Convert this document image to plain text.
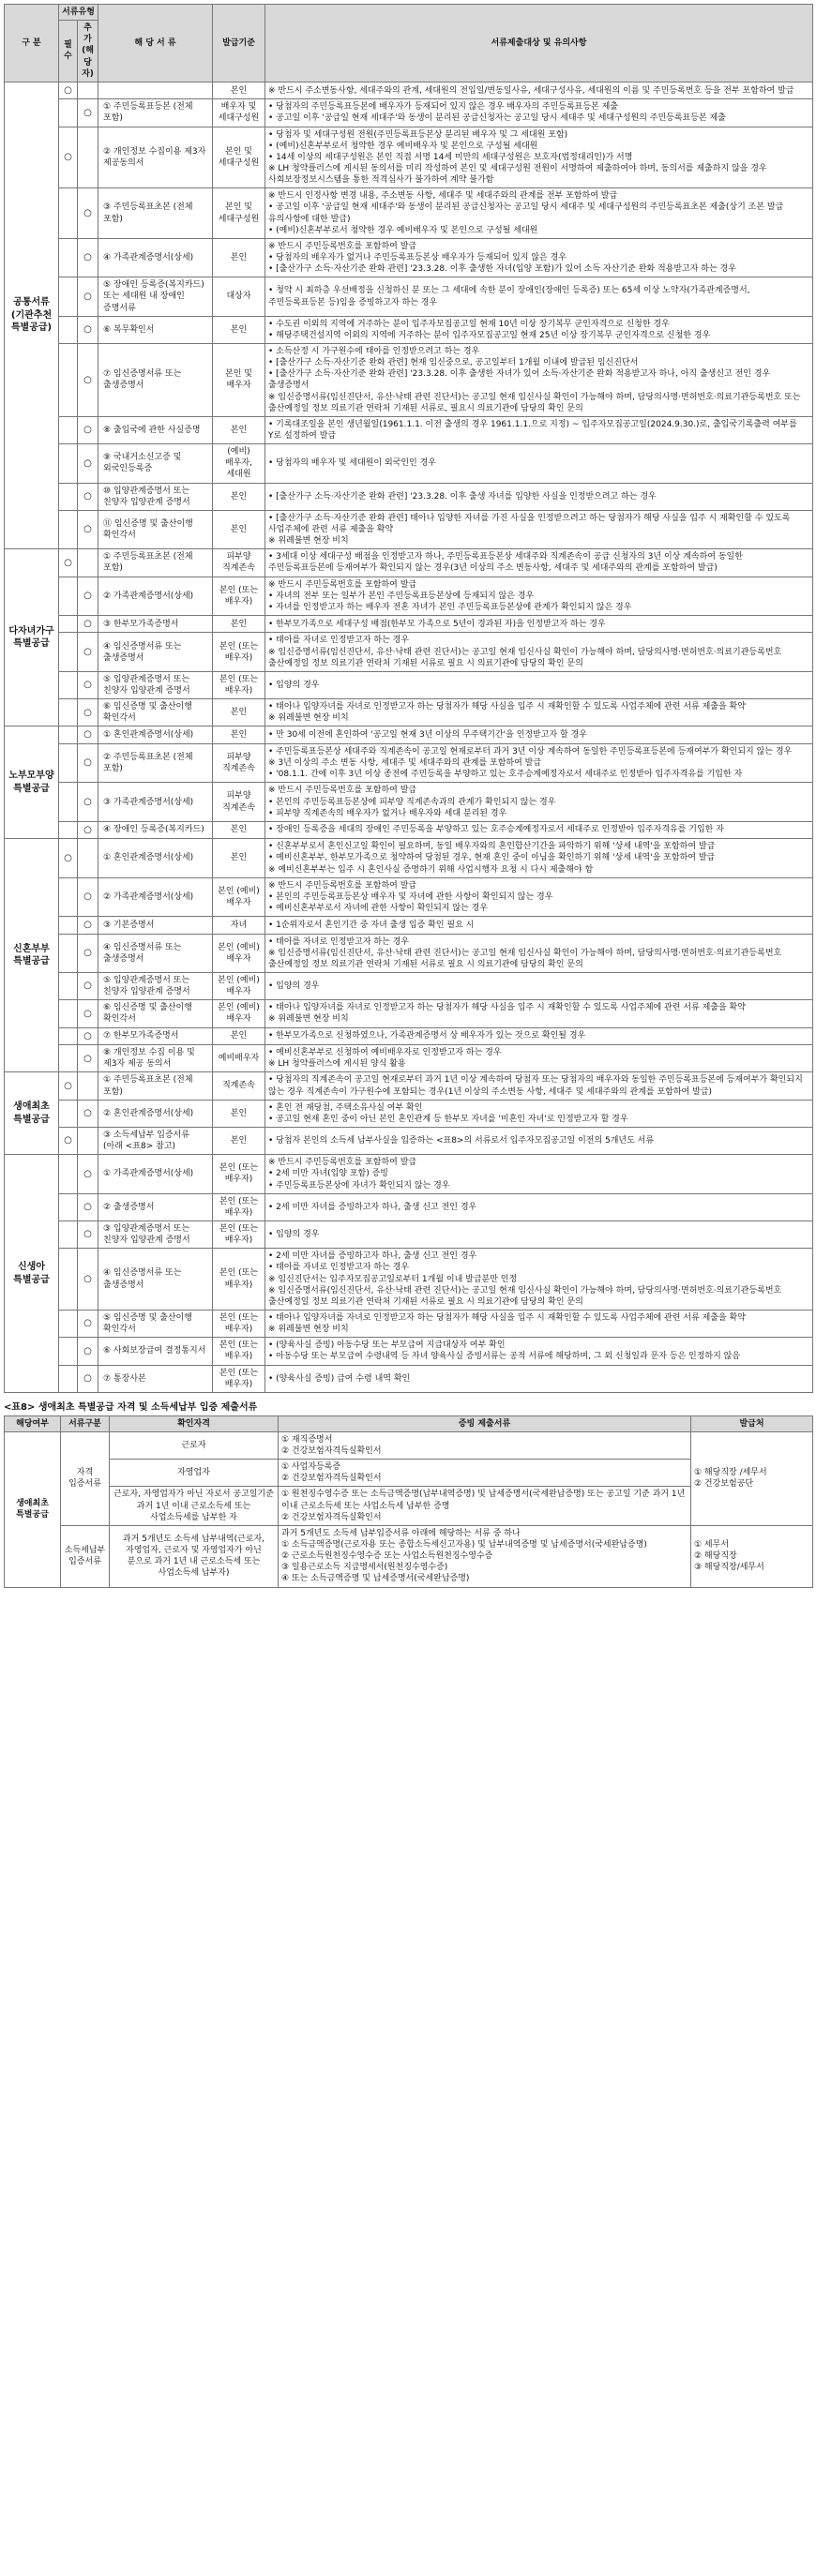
구 분	서류유형		해 당 서 류	발급기준	서류제출대상 및 유의사항
	필수	추가 (해당자)			
공통서류 (기관추천 특별공급)	○			본인	※ 반드시 주소변동사항, 세대주와의 관계, 세대원의 전입일/변동일사유, 세대구성사유, 세대원의 이름 및 주민등록번호 등을 전부 포함하여 발급

		○	① 주민등록표등본 (전체 포함)	배우자 및 세대구성원	• 당첨자의 주민등록표등본에 배우자가 등재되어 있지 않은 경우 배우자의 주민등록표등본 제출
• 공고일 이후 '공급일 현재 세대주'와 동생이 분리된 공급신청자는 공고일 당시 세대주 및 세대구성원의 주민등록표등본 제출

	○		② 개인정보 수집이용 제3자 제공동의서	본인 및 세대구성원	• 당첨자 및 세대구성원 전원(주민등록표등본상 분리된 배우자 및 그 세대원 포함)
• (예비)신혼부부로서 청약한 경우 예비배우자 및 본인으로 구성될 세대원
• 14세 이상의 세대구성원은 본인 직접 서명 14세 미만의 세대구성원은 보호자(법정대리인)가 서명
※ LH 청약플러스에 게시된 동의서를 미리 작성하여 본인 및 세대구성원 전원이 서명하여 제출하여야 하며, 동의서를 제출하지 않을 경우 사회보장정보시스템을 통한 적격심사가 불가하여 계약 불가함

		○	③ 주민등록표초본 (전체 포함)	본인 및 세대구성원	※ 반드시 인정사항 변경 내용, 주소변동 사항, 세대주 및 세대주와의 관계를 전부 포함하여 발급
• 공고일 이후 '공급일 현재 세대주'와 동생이 분리된 공급신청자는 공고일 당시 세대주 및 세대구성원의 주민등록표초본 제출(상기 조본 발급 유의사항에 대한 발급)
• (예비)신혼부부로서 청약한 경우 예비배우자 및 본인으로 구성될 세대원

		○	④ 가족관계증명서(상세)	본인	※ 반드시 주민등록번호를 포함하여 발급
• 당첨자의 배우자가 없거나 주민등록표등본상 배우자가 등재되어 있지 않은 경우
• [출산가구 소득·자산기준 완화 관련] '23.3.28. 이후 출생한 자녀(입양 포함)가 있어 소득 자산기준 완화 적용받고자 하는 경우

		○	⑤ 장애인 등록증(복지카드) 또는 세대원 내 장애인 증명서류	대상자	• 청약 시 최하층 우선배정을 신청하신 분 또는 그 세대에 속한 분이 장애인(장애인 등록증) 또는 65세 이상 노약자(가족관계증명서, 주민등록표등본 등)임을 증빙하고자 하는 경우

		○	⑥ 복무확인서	본인	• 수도권 이외의 지역에 거주하는 분이 입주자모집공고일 현재 10년 이상 장기복무 군인자격으로 신청한 경우
• 해당주택건설지역 이외의 지역에 거주하는 분이 입주자모집공고일 현재 25년 이상 장기복무 군인자격으로 신청한 경우

		○	⑦ 임신증명서류 또는 출생증명서	본인 및 배우자	• 소득산정 시 가구원수에 태아를 인정받으려고 하는 경우
• [출산가구 소득·자산기준 완화 관련] 현재 임신중으로, 공고일부터 1개월 이내에 발급된 임신진단서
• [출산가구 소득·자산기준 완화 관련] '23.3.28. 이후 출생한 자녀가 있어 소득·자산기준 완화 적용받고자 하나, 아직 출생신고 전인 경우 출생증명서
※ 임신증명서류(임신진단서, 유산·낙태 관련 진단서)는 공고일 현재 임신사실 확인이 가능해야 하며, 담당의사명·면허번호·의료기관등록번호 또는 출산예정일 정보 의료기관 연락처 기재된 서류로, 필요시 의료기관에 담당의 확인 문의

		○	⑧ 출입국에 관한 사실증명	본인	• 기록대조일을 본인 생년월일(1961.1.1. 이전 출생의 경우 1961.1.1.으로 지정) ~ 입주자모집공고일(2024.9.30.)로, 출입국기록출력 여부를 Y로 설정하여 발급

		○	⑨ 국내거소신고증 및 외국인등록증	(예비)배우자, 세대원	• 당첨자의 배우자 및 세대원이 외국인인 경우

		○	⑩ 입양관계증명서 또는 친양자 입양관계 증명서	본인	• [출산가구 소득·자산기준 완화 관련] '23.3.28. 이후 출생 자녀를 입양한 사실을 인정받으려고 하는 경우

		○	⑪ 임신증명 및 출산이행 확인각서	본인	• [출산가구 소득·자산기준 완화 관련] 태아나 입양한 자녀를 가진 사실을 인정받으려고 하는 당첨자가 해당 사실을 입주 시 재확인할 수 있도록 사업주체에 관련 서류 제출을 확약
※ 위례불변 현장 비치

다자녀가구 특별공급	○		① 주민등록표초본 (전체 포함)	피부양 직계존속	• 3세대 이상 세대구성 배점을 인정받고자 하나, 주민등록표등본상 세대주와 직계존속이 공급 신청자의 3년 이상 계속하여 동일한 주민등록표등본에 등재여부가 확인되지 않는 경우(3년 이상의 주소 변동사항, 세대주 및 세대주와의 관계를 포함하여 발급)

		○	② 가족관계증명서(상세)	본인 (또는 배우자)	※ 반드시 주민등록번호를 포함하여 발급
• 자녀의 전부 또는 일부가 본인 주민등록표등본상에 등재되지 않은 경우
• 자녀를 인정받고자 하는 배우자 전혼 자녀가 본인 주민등록표등본상에 관계가 확인되지 않은 경우

		○	③ 한부모가족증명서	본인	• 한부모가족으로 세대구성 배점(한부모 가족으로 5년이 경과된 자)을 인정받고자 하는 경우

		○	④ 임신증명서류 또는 출생증명서	본인 (또는 배우자)	• 태아를 자녀로 인정받고자 하는 경우
※ 임신증명서류(임신진단서, 유산·낙태 관련 진단서)는 공고일 현재 임신사실 확인이 가능해야 하며, 담당의사명·면허번호·의료기관등록번호 출산예정일 정보 의료기관 연락처 기재된 서류로 필요 시 의료기관에 담당의 확인 문의

		○	⑤ 입양관계증명서 또는 친양자 입양관계 증명서	본인 (또는 배우자)	• 입양의 경우

		○	⑥ 임신증명 및 출산이행 확인각서	본인	• 태아나 입양자녀를 자녀로 인정받고자 하는 당첨자가 해당 사실을 입주 시 재확인할 수 있도록 사업주체에 관련 서류 제출을 확약
※ 위례불변 현장 비치

노부모부양 특별공급		○	① 혼인관계증명서(상세)	본인	• 만 30세 이전에 혼인하여 '공고일 현재 3년 이상의 무주택기간'을 인정받고자 할 경우

		○	② 주민등록표초본 (전체 포함)	피부양 직계존속	• 주민등록표등본상 세대주와 직계존속이 공고일 현재로부터 과거 3년 이상 계속하여 동일한 주민등록표등본에 등재여부가 확인되지 않는 경우
※ 3년 이상의 주소 변동 사항, 세대주 및 세대주와의 관계를 포함하여 발급
• '08.1.1. 간에 이후 3년 이상 종전에 주민등록을 부양하고 있는 호주승계예정자로서 세대주로 인정받아 입주자격유를 기입한 자

		○	③ 가족관계증명서(상세)	피부양 직계존속	※ 반드시 주민등록번호를 포함하여 발급
• 본인의 주민등록표등본상에 피부양 직계존속과의 관계가 확인되지 않는 경우
• 피부양 직계존속의 배우자가 없거나 배우자와 세대 분리된 경우

		○	④ 장애인 등록증(복지카드)	본인	• 장애인 등록증을 세대의 장애인 주민등록을 부양하고 있는 호주승계예정자로서 세대주로 인정받아 입주자격유를 기입한 자

신혼부부 특별공급	○		① 혼인관계증명서(상세)	본인	• 신혼부부로서 혼인신고일 확인이 필요하며, 동일 배우자와의 혼인합산기간을 파악하기 위해 '상세 내역'을 포함하여 발급
• 예비신혼부부, 한부모가족으로 청약하여 당첨된 경우, 현재 혼인 중이 아님을 확인하기 위해 '상세 내역'을 포함하여 발급
※ 예비신혼부부는 입주 시 혼인사실 증명하기 위해 사업시행자 요청 시 다시 제출해야 함

		○	② 가족관계증명서(상세)	본인 (예비)배우자	※ 반드시 주민등록번호를 포함하여 발급
• 본인의 주민등록표등본상 배우자 및 자녀에 관한 사항이 확인되지 않는 경우
• 예비신혼부부로서 자녀에 관한 사항이 확인되지 않는 경우

		○	③ 기본증명서	자녀	• 1순위자로서 혼인기간 중 자녀 출생 입증 확인 필요 시

		○	④ 임신증명서류 또는 출생증명서	본인 (예비)배우자	• 태아를 자녀로 인정받고자 하는 경우
※ 임신증명서류(임신진단서, 유산·낙태 관련 진단서)는 공고일 현재 임신사실 확인이 가능해야 하며, 담당의사명·면허번호·의료기관등록번호 출산예정일 정보 의료기관 연락처 기재된 서류로 필요 시 의료기관에 담당의 확인 문의

		○	⑤ 입양관계증명서 또는 친양자 입양관계 증명서	본인 (예비)배우자	• 입양의 경우

		○	⑥ 임신증명 및 출산이행 확인각서	본인 (예비)배우자	• 태아나 입양자녀를 자녀로 인정받고자 하는 당첨자가 해당 사실을 입주 시 재확인할 수 있도록 사업주체에 관련 서류 제출을 확약
※ 위례불변 현장 비치

		○	⑦ 한부모가족증명서	본인	• 한부모가족으로 신청하였으나, 가족관계증명서 상 배우자가 있는 것으로 확인될 경우

		○	⑧ 개인정보 수집 이용 및 제3자 제공 동의서	예비배우자	• 예비신혼부부로 신청하여 예비배우자로 인정받고자 하는 경우
※ LH 청약플러스에 게시된 양식 활용

생애최초 특별공급	○		① 주민등록표초본 (전체 포함)	직계존속	• 당첨자의 직계존속이 공고일 현재로부터 과거 1년 이상 계속하여 당첨자 또는 당첨자의 배우자와 동일한 주민등록표등본에 등재여부가 확인되지 않는 경우 직계존속이 가구원수에 포함되는 경우(1년 이상의 주소변동 사항, 세대주 및 세대주와의 관계를 포함하여 발급)

		○	② 혼인관계증명서(상세)	본인	• 혼인 전 재당첨, 주택소유사실 여부 확인
• 공고일 현재 혼인 중이 아닌 본인 혼인관계 등 한부모 자녀를 '미혼인 자녀'로 인정받고자 할 경우

	○		③ 소득세납부 입증서류 (아래 <표8> 참고)	본인	• 당첨자 본인의 소득세 납부사실을 입증하는 <표8>의 서류로서 입주자모집공고일 이전의 5개년도 서류

신생아 특별공급		○	① 가족관계증명서(상세)	본인 (또는 배우자)	※ 반드시 주민등록번호를 포함하여 발급
• 2세 미만 자녀(입양 포함) 증빙
• 주민등록표등본상에 자녀가 확인되지 않는 경우

		○	② 출생증명서	본인 (또는 배우자)	• 2세 미만 자녀를 증빙하고자 하나, 출생 신고 전인 경우

		○	③ 입양관계증명서 또는 친양자 입양관계 증명서	본인 (또는 배우자)	• 입양의 경우

		○	④ 임신증명서류 또는 출생증명서	본인 (또는 배우자)	• 2세 미만 자녀를 증빙하고자 하나, 출생 신고 전인 경우
• 태아를 자녀로 인정받고자 하는 경우
※ 임신진단서는 입주자모집공고일로부터 1개월 이내 발급분만 인정
※ 임신증명서류(임신진단서, 유산·낙태 관련 진단서)는 공고일 현재 임신사실 확인이 가능해야 하며, 담당의사명·면허번호·의료기관등록번호 출산예정일 정보 의료기관 연락처 기재된 서류로 필요 시 의료기관에 담당의 확인 문의

		○	⑤ 임신증명 및 출산이행 확인각서	본인 (또는 배우자)	• 태아나 입양자녀를 자녀로 인정받고자 하는 당첨자가 해당 사실을 입주 시 재확인할 수 있도록 사업주체에 관련 서류 제출을 확약
※ 위례불변 현장 비치

		○	⑥ 사회보장급여 결정통지서	본인 (또는 배우자)	• (양육사실 증빙) 아동수당 또는 부모급여 지급대상자 여부 확인
• 아동수당 또는 부모급여 수령내역 등 자녀 양육사실 증빙서류는 공적 서류에 해당하며, 그 외 신청일과 문자 등은 인정하지 않음

		○	⑦ 통장사본	본인 (또는 배우자)	• (양육사실 증빙) 급여 수령 내역 확인
<표8> 생애최초 특별공급 자격 및 소득세납부 입증 제출서류
해당여부	서류구분	확인자격	증빙 제출서류	발급처
생애최초 특별공급	자격 입증서류	근로자	① 재직증명서
② 건강보험자격득실확인서	① 해당직장 /세무서
② 건강보험공단

		자영업자	① 사업자등록증
② 건강보험자격득실확인서	

		근로자, 자영업자가 아닌 자로서 공고일기준 과거 1년 이내 근로소득세 또는 사업소득세를 납부한 자	① 원천징수영수증 또는 소득금액증명(납부내역증명) 및 납세증명서(국세완납증명) 또는 공고일 기준 과거 1년 이내 근로소득세 또는 사업소득세 납부한 증명
② 건강보험자격득실확인서	

	소득세납부 입증서류	과거 5개년도 소득세 납부내역(근로자, 자영업자, 근로자 및 자영업자가 아닌 분으로 과거 1년 내 근로소득세 또는 사업소득세 납부자)	과거 5개년도 소득세 납부입증서류 아래에 해당하는 서류 중 하나
① 소득금액증명(근로자용 또는 종합소득세신고자용) 및 납부내역증명 및 납세증명서(국세완납증명)
② 근로소득원천징수영수증 또는 사업소득원천징수영수증
③ 일용근로소득 지급명세서(원천징수영수증)
④ 또는 소득금액증명 및 납세증명서(국세완납증명)	① 세무서
② 해당직장
③ 해당직장/세무서
